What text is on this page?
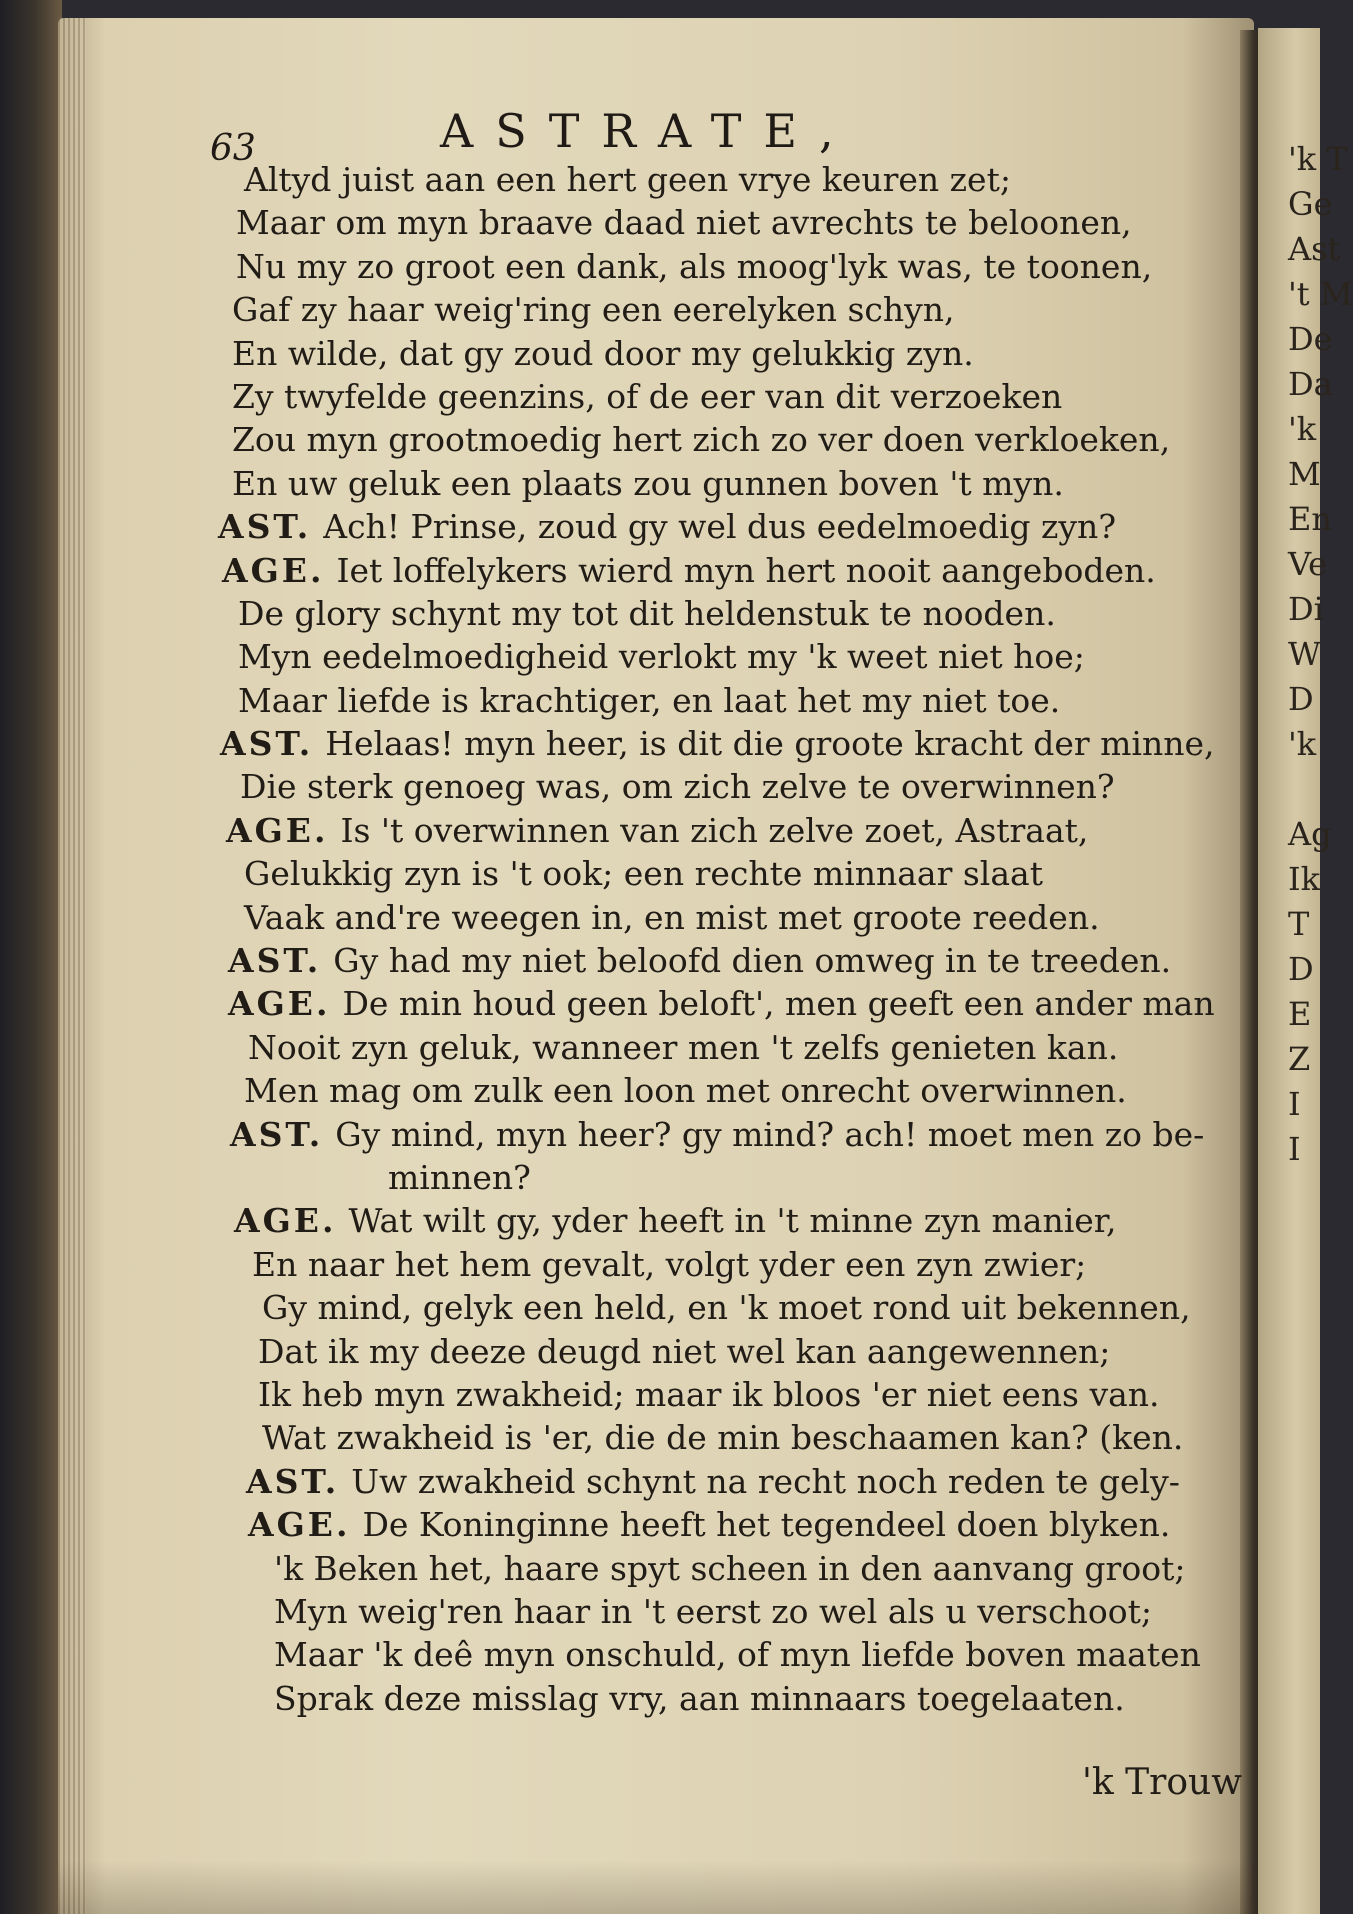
'k T
Ge
Ast
't M
De
Da
'k
M
En
Ve
Di
W
D
'k
Ag
Ik
T
D
E
Z
I
I
63	ASTRATE,
Altyd juist aan een hert geen vrye keuren zet;
Maar om myn braave daad niet avrechts te beloonen,
Nu my zo groot een dank, als moog'lyk was, te toonen,
Gaf zy haar weig'ring een eerelyken schyn,
En wilde, dat gy zoud door my gelukkig zyn.
Zy twyfelde geenzins, of de eer van dit verzoeken
Zou myn grootmoedig hert zich zo ver doen verkloeken,
En uw geluk een plaats zou gunnen boven 't myn.
AST. Ach! Prinse, zoud gy wel dus eedelmoedig zyn?
AGE. Iet loffelykers wierd myn hert nooit aangeboden.
De glory schynt my tot dit heldenstuk te nooden.
Myn eedelmoedigheid verlokt my 'k weet niet hoe;
Maar liefde is krachtiger, en laat het my niet toe.
AST. Helaas! myn heer, is dit die groote kracht der minne,
Die sterk genoeg was, om zich zelve te overwinnen?
AGE. Is 't overwinnen van zich zelve zoet, Astraat,
Gelukkig zyn is 't ook; een rechte minnaar slaat
Vaak and're weegen in, en mist met groote reeden.
AST. Gy had my niet beloofd dien omweg in te treeden.
AGE. De min houd geen beloft', men geeft een ander man
Nooit zyn geluk, wanneer men 't zelfs genieten kan.
Men mag om zulk een loon met onrecht overwinnen.
AST. Gy mind, myn heer? gy mind? ach! moet men zo be-
minnen?
AGE. Wat wilt gy, yder heeft in 't minne zyn manier,
En naar het hem gevalt, volgt yder een zyn zwier;
Gy mind, gelyk een held, en 'k moet rond uit bekennen,
Dat ik my deeze deugd niet wel kan aangewennen;
Ik heb myn zwakheid; maar ik bloos 'er niet eens van.
Wat zwakheid is 'er, die de min beschaamen kan? (ken.
AST. Uw zwakheid schynt na recht noch reden te gely-
AGE. De Koninginne heeft het tegendeel doen blyken.
'k Beken het, haare spyt scheen in den aanvang groot;
Myn weig'ren haar in 't eerst zo wel als u verschoot;
Maar 'k deê myn onschuld, of myn liefde boven maaten
Sprak deze misslag vry, aan minnaars toegelaaten.
'k Trouw
